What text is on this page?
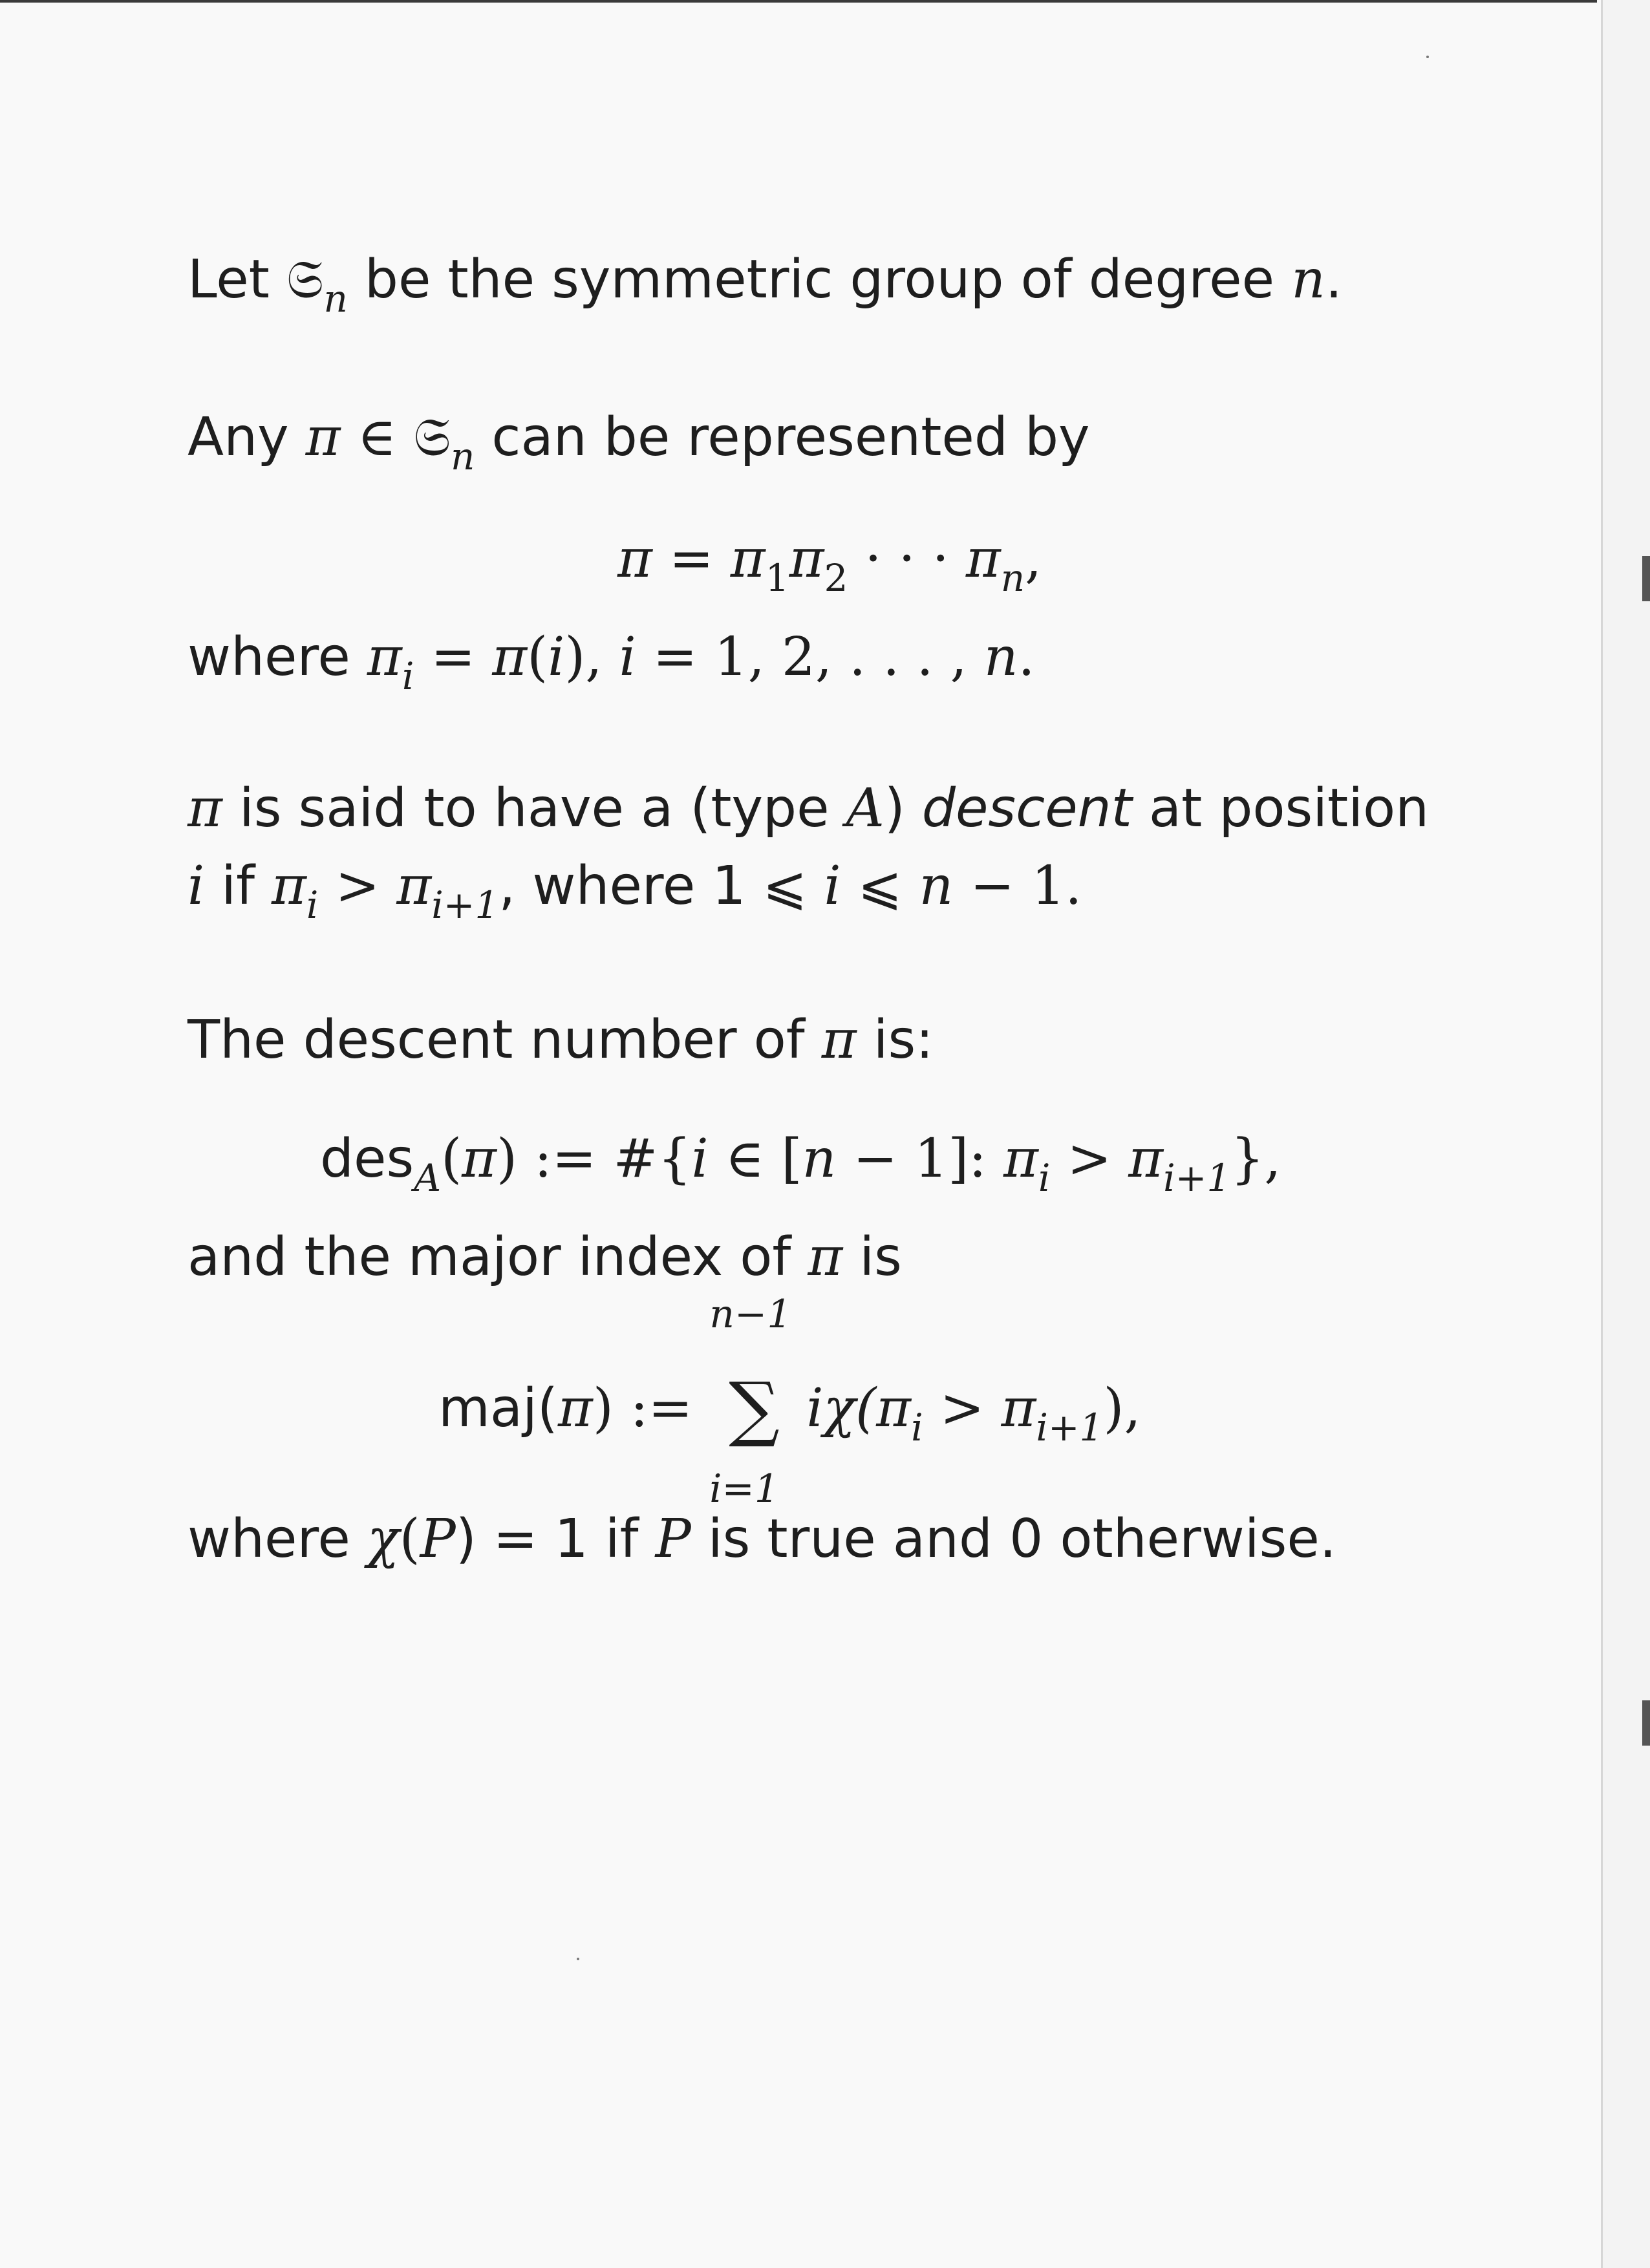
Let 𝔖$_n$ be the symmetric group of degree n.
Any π ∈ 𝔖$_n$ can be represented by
$\pi = \pi_1\pi_2$ · · · $\pi_n$,
where $\pi_i = \pi(i)$, i = 1, 2, . . . , n.
π is said to have a (type A) descent at position
i if $\pi_i > \pi_{i+1}$, where 1 ⩽ i ⩽ n − 1.
The descent number of π is:
des$_A$(π) := #{i ∈ [n − 1]: $\pi_i > \pi_{i+1}$},
and the major index of π is
maj(π) :=
n−1
∑
i=1
$i\chi(\pi_i > \pi_{i+1})$,
where χ(P) = 1 if P is true and 0 otherwise.
